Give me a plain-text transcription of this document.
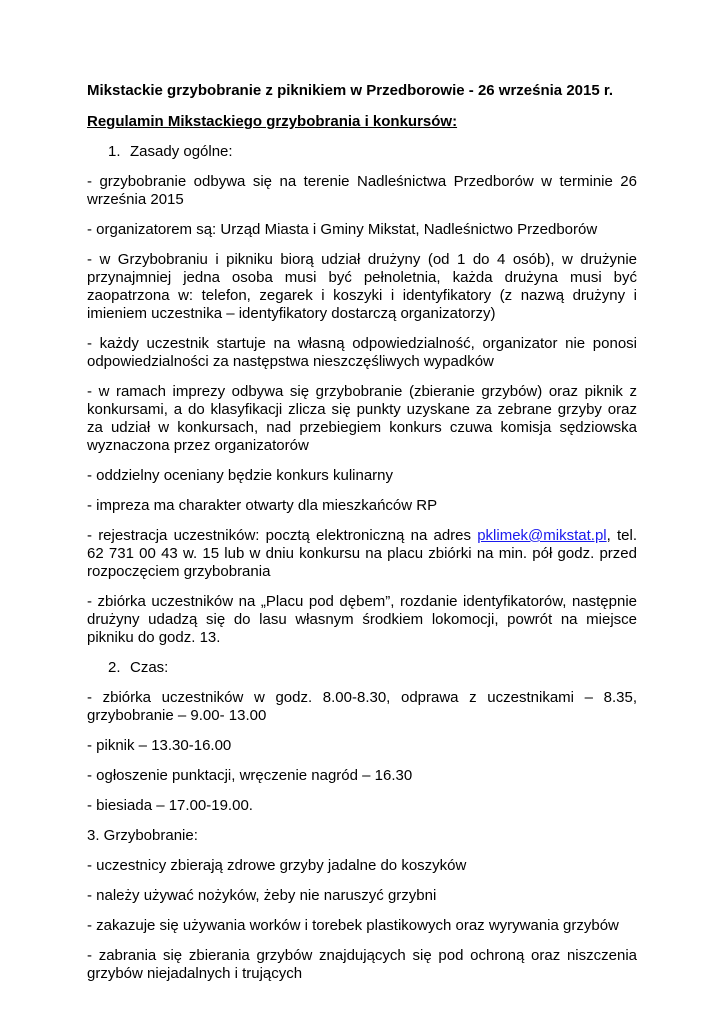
Mikstackie grzybobranie z piknikiem w Przedborowie - 26 września 2015 r.

Regulamin Mikstackiego grzybobrania i konkursów:

1. Zasady ogólne:

- grzybobranie odbywa się na terenie Nadleśnictwa Przedborów w terminie 26 września 2015

- organizatorem są: Urząd Miasta i Gminy Mikstat, Nadleśnictwo Przedborów

- w Grzybobraniu i pikniku biorą udział drużyny (od 1 do 4 osób), w drużynie przynajmniej jedna osoba musi być pełnoletnia, każda drużyna musi być zaopatrzona w: telefon, zegarek i koszyki i identyfikatory (z nazwą drużyny i imieniem uczestnika – identyfikatory dostarczą organizatorzy)

- każdy uczestnik startuje na własną odpowiedzialność, organizator nie ponosi odpowiedzialności za następstwa nieszczęśliwych wypadków

- w ramach imprezy odbywa się grzybobranie (zbieranie grzybów) oraz piknik z konkursami, a do klasyfikacji zlicza się punkty uzyskane za zebrane grzyby oraz za udział w konkursach, nad przebiegiem konkurs czuwa komisja sędziowska wyznaczona przez organizatorów

- oddzielny oceniany będzie konkurs kulinarny

- impreza ma charakter otwarty dla mieszkańców RP

- rejestracja uczestników: pocztą elektroniczną na adres pklimek@mikstat.pl, tel. 62 731 00 43 w. 15 lub w dniu konkursu na placu zbiórki na min. pół godz. przed rozpoczęciem grzybobrania

- zbiórka uczestników na „Placu pod dębem”, rozdanie identyfikatorów, następnie drużyny udadzą się do lasu własnym środkiem lokomocji, powrót na miejsce pikniku do godz. 13.

2. Czas:

- zbiórka uczestników w godz. 8.00-8.30, odprawa z uczestnikami – 8.35, grzybobranie – 9.00- 13.00

- piknik – 13.30-16.00

- ogłoszenie punktacji, wręczenie nagród – 16.30

- biesiada – 17.00-19.00.

3. Grzybobranie:

- uczestnicy zbierają zdrowe grzyby jadalne do koszyków

- należy używać nożyków, żeby nie naruszyć grzybni

- zakazuje się używania worków i torebek plastikowych oraz wyrywania grzybów

- zabrania się zbierania grzybów znajdujących się pod ochroną oraz niszczenia grzybów niejadalnych i trujących
